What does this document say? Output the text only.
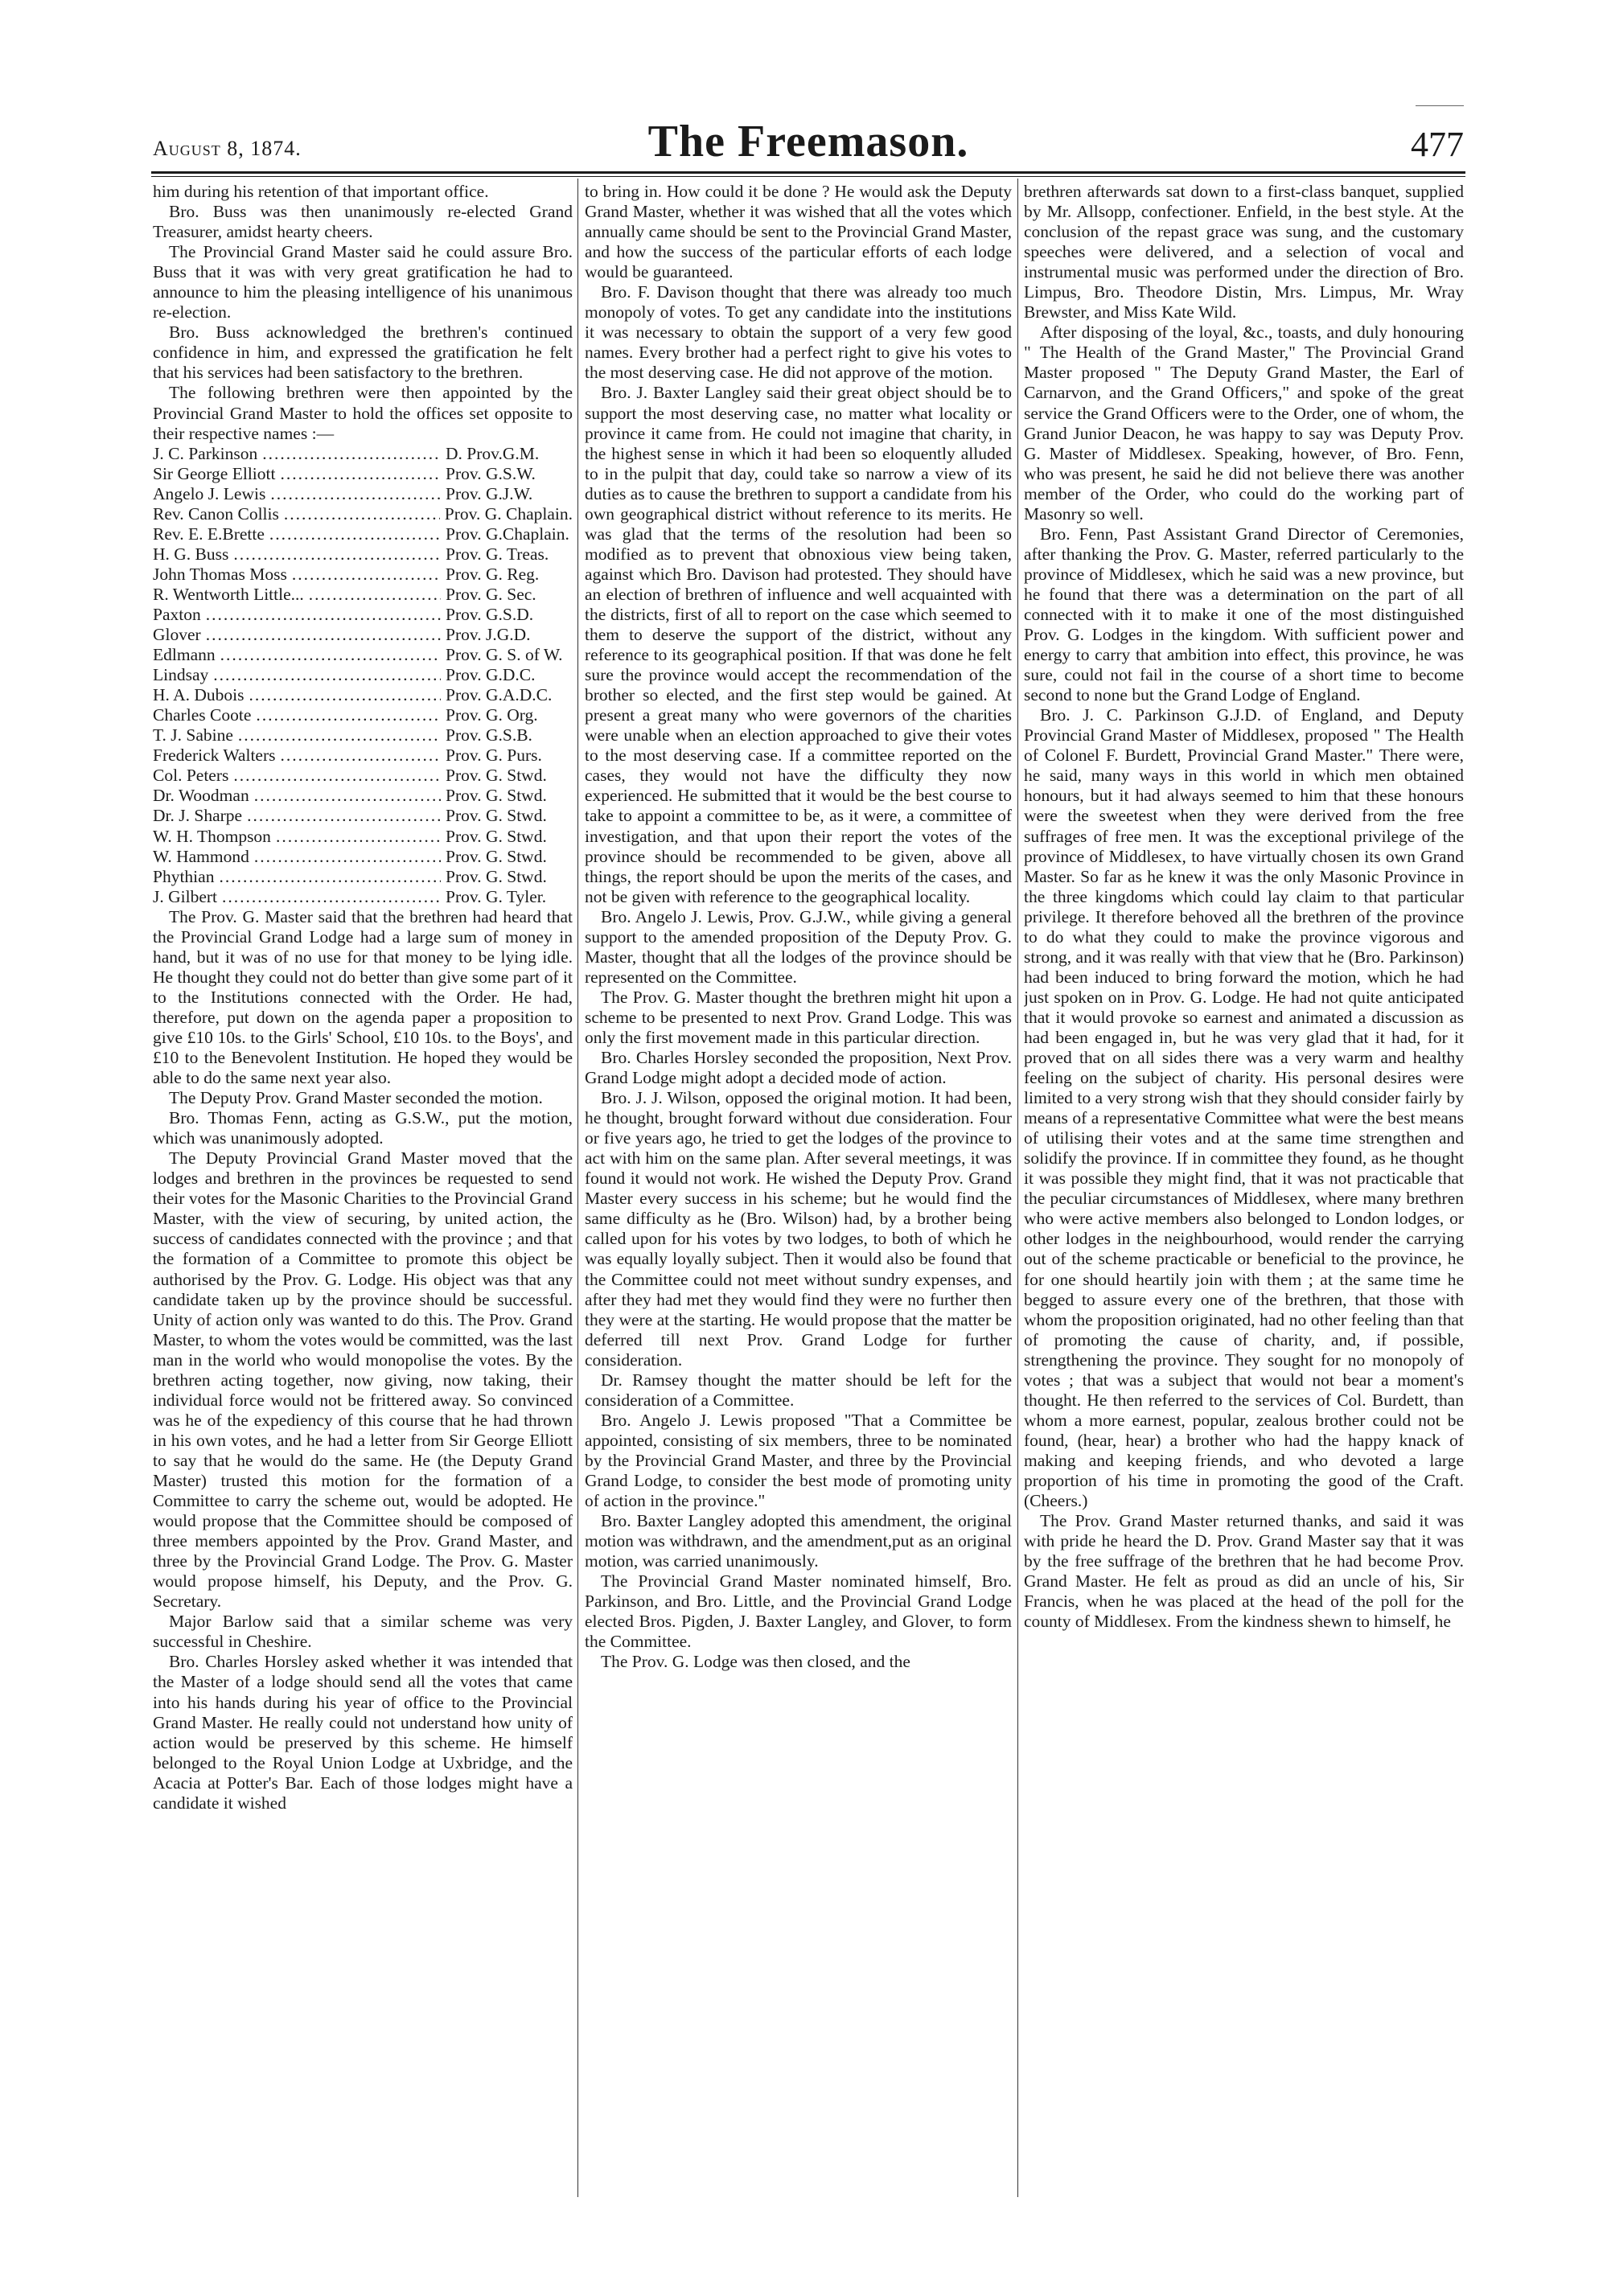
August 8, 1874.	The Freemason.	477

him during his retention of that important office.

Bro. Buss was then unanimously re-elected Grand Treasurer, amidst hearty cheers.

The Provincial Grand Master said he could assure Bro. Buss that it was with very great gratification he had to announce to him the pleasing intelligence of his unanimous re-election.

Bro. Buss acknowledged the brethren's continued confidence in him, and expressed the gratification he felt that his services had been satisfactory to the brethren.

The following brethren were then appointed by the Provincial Grand Master to hold the offices set opposite to their respective names :—

J. C. Parkinson .....	D. Prov.G.M.
Sir George Elliott .....	Prov. G.S.W.
Angelo J. Lewis .....	Prov. G.J.W.
Rev. Canon Collis .....	Prov. G. Chaplain.
Rev. E. E.Brette .....	Prov. G.Chaplain.
H. G. Buss .....	Prov. G. Treas.
John Thomas Moss .....	Prov. G. Reg.
R. Wentworth Little... .....	Prov. G. Sec.
Paxton .....	Prov. G.S.D.
Glover .....	Prov. J.G.D.
Edlmann .....	Prov. G. S. of W.
Lindsay .....	Prov. G.D.C.
H. A. Dubois .....	Prov. G.A.D.C.
Charles Coote .....	Prov. G. Org.
T. J. Sabine .....	Prov. G.S.B.
Frederick Walters .....	Prov. G. Purs.
Col. Peters .....	Prov. G. Stwd.
Dr. Woodman .....	Prov. G. Stwd.
Dr. J. Sharpe .....	Prov. G. Stwd.
W. H. Thompson .....	Prov. G. Stwd.
W. Hammond .....	Prov. G. Stwd.
Phythian .....	Prov. G. Stwd.
J. Gilbert .....	Prov. G. Tyler.

The Prov. G. Master said that the brethren had heard that the Provincial Grand Lodge had a large sum of money in hand, but it was of no use for that money to be lying idle. He thought they could not do better than give some part of it to the Institutions connected with the Order. He had, therefore, put down on the agenda paper a proposition to give £10 10s. to the Girls' School, £10 10s. to the Boys', and £10 to the Benevolent Institution. He hoped they would be able to do the same next year also.

The Deputy Prov. Grand Master seconded the motion.

Bro. Thomas Fenn, acting as G.S.W., put the motion, which was unanimously adopted.

The Deputy Provincial Grand Master moved that the lodges and brethren in the provinces be requested to send their votes for the Masonic Charities to the Provincial Grand Master, with the view of securing, by united action, the success of candidates connected with the province ; and that the formation of a Committee to promote this object be authorised by the Prov. G. Lodge. His object was that any candidate taken up by the province should be successful. Unity of action only was wanted to do this. The Prov. Grand Master, to whom the votes would be committed, was the last man in the world who would monopolise the votes. By the brethren acting together, now giving, now taking, their individual force would not be frittered away. So convinced was he of the expediency of this course that he had thrown in his own votes, and he had a letter from Sir George Elliott to say that he would do the same. He (the Deputy Grand Master) trusted this motion for the formation of a Committee to carry the scheme out, would be adopted. He would propose that the Committee should be composed of three members appointed by the Prov. Grand Master, and three by the Provincial Grand Lodge. The Prov. G. Master would propose himself, his Deputy, and the Prov. G. Secretary.

Major Barlow said that a similar scheme was very successful in Cheshire.

Bro. Charles Horsley asked whether it was intended that the Master of a lodge should send all the votes that came into his hands during his year of office to the Provincial Grand Master. He really could not understand how unity of action would be preserved by this scheme. He himself belonged to the Royal Union Lodge at Uxbridge, and the Acacia at Potter's Bar. Each of those lodges might have a candidate it wished

to bring in. How could it be done ? He would ask the Deputy Grand Master, whether it was wished that all the votes which annually came should be sent to the Provincial Grand Master, and how the success of the particular efforts of each lodge would be guaranteed.

Bro. F. Davison thought that there was already too much monopoly of votes. To get any candidate into the institutions it was necessary to obtain the support of a very few good names. Every brother had a perfect right to give his votes to the most deserving case. He did not approve of the motion.

Bro. J. Baxter Langley said their great object should be to support the most deserving case, no matter what locality or province it came from. He could not imagine that charity, in the highest sense in which it had been so eloquently alluded to in the pulpit that day, could take so narrow a view of its duties as to cause the brethren to support a candidate from his own geographical district without reference to its merits. He was glad that the terms of the resolution had been so modified as to prevent that obnoxious view being taken, against which Bro. Davison had protested. They should have an election of brethren of influence and well acquainted with the districts, first of all to report on the case which seemed to them to deserve the support of the district, without any reference to its geographical position. If that was done he felt sure the province would accept the recommendation of the brother so elected, and the first step would be gained. At present a great many who were governors of the charities were unable when an election approached to give their votes to the most deserving case. If a committee reported on the cases, they would not have the difficulty they now experienced. He submitted that it would be the best course to take to appoint a committee to be, as it were, a committee of investigation, and that upon their report the votes of the province should be recommended to be given, above all things, the report should be upon the merits of the cases, and not be given with reference to the geographical locality.

Bro. Angelo J. Lewis, Prov. G.J.W., while giving a general support to the amended proposition of the Deputy Prov. G. Master, thought that all the lodges of the province should be represented on the Committee.

The Prov. G. Master thought the brethren might hit upon a scheme to be presented to next Prov. Grand Lodge. This was only the first movement made in this particular direction.

Bro. Charles Horsley seconded the proposition, Next Prov. Grand Lodge might adopt a decided mode of action.

Bro. J. J. Wilson, opposed the original motion. It had been, he thought, brought forward without due consideration. Four or five years ago, he tried to get the lodges of the province to act with him on the same plan. After several meetings, it was found it would not work. He wished the Deputy Prov. Grand Master every success in his scheme; but he would find the same difficulty as he (Bro. Wilson) had, by a brother being called upon for his votes by two lodges, to both of which he was equally loyally subject. Then it would also be found that the Committee could not meet without sundry expenses, and after they had met they would find they were no further then they were at the starting. He would propose that the matter be deferred till next Prov. Grand Lodge for further consideration.

Dr. Ramsey thought the matter should be left for the consideration of a Committee.

Bro. Angelo J. Lewis proposed "That a Committee be appointed, consisting of six members, three to be nominated by the Provincial Grand Master, and three by the Provincial Grand Lodge, to consider the best mode of promoting unity of action in the province."

Bro. Baxter Langley adopted this amendment, the original motion was withdrawn, and the amendment,put as an original motion, was carried unanimously.

The Provincial Grand Master nominated himself, Bro. Parkinson, and Bro. Little, and the Provincial Grand Lodge elected Bros. Pigden, J. Baxter Langley, and Glover, to form the Committee.

The Prov. G. Lodge was then closed, and the

brethren afterwards sat down to a first-class banquet, supplied by Mr. Allsopp, confectioner. Enfield, in the best style. At the conclusion of the repast grace was sung, and the customary speeches were delivered, and a selection of vocal and instrumental music was performed under the direction of Bro. Limpus, Bro. Theodore Distin, Mrs. Limpus, Mr. Wray Brewster, and Miss Kate Wild.

After disposing of the loyal, &c., toasts, and duly honouring " The Health of the Grand Master," The Provincial Grand Master proposed " The Deputy Grand Master, the Earl of Carnarvon, and the Grand Officers," and spoke of the great service the Grand Officers were to the Order, one of whom, the Grand Junior Deacon, he was happy to say was Deputy Prov. G. Master of Middlesex. Speaking, however, of Bro. Fenn, who was present, he said he did not believe there was another member of the Order, who could do the working part of Masonry so well.

Bro. Fenn, Past Assistant Grand Director of Ceremonies, after thanking the Prov. G. Master, referred particularly to the province of Middlesex, which he said was a new province, but he found that there was a determination on the part of all connected with it to make it one of the most distinguished Prov. G. Lodges in the kingdom. With sufficient power and energy to carry that ambition into effect, this province, he was sure, could not fail in the course of a short time to become second to none but the Grand Lodge of England.

Bro. J. C. Parkinson G.J.D. of England, and Deputy Provincial Grand Master of Middlesex, proposed " The Health of Colonel F. Burdett, Provincial Grand Master." There were, he said, many ways in this world in which men obtained honours, but it had always seemed to him that these honours were the sweetest when they were derived from the free suffrages of free men. It was the exceptional privilege of the province of Middlesex, to have virtually chosen its own Grand Master. So far as he knew it was the only Masonic Province in the three kingdoms which could lay claim to that particular privilege. It therefore behoved all the brethren of the province to do what they could to make the province vigorous and strong, and it was really with that view that he (Bro. Parkinson) had been induced to bring forward the motion, which he had just spoken on in Prov. G. Lodge. He had not quite anticipated that it would provoke so earnest and animated a discussion as had been engaged in, but he was very glad that it had, for it proved that on all sides there was a very warm and healthy feeling on the subject of charity. His personal desires were limited to a very strong wish that they should consider fairly by means of a representative Committee what were the best means of utilising their votes and at the same time strengthen and solidify the province. If in committee they found, as he thought it was possible they might find, that it was not practicable that the peculiar circumstances of Middlesex, where many brethren who were active members also belonged to London lodges, or other lodges in the neighbourhood, would render the carrying out of the scheme practicable or beneficial to the province, he for one should heartily join with them ; at the same time he begged to assure every one of the brethren, that those with whom the proposition originated, had no other feeling than that of promoting the cause of charity, and, if possible, strengthening the province. They sought for no monopoly of votes ; that was a subject that would not bear a moment's thought. He then referred to the services of Col. Burdett, than whom a more earnest, popular, zealous brother could not be found, (hear, hear) a brother who had the happy knack of making and keeping friends, and who devoted a large proportion of his time in promoting the good of the Craft. (Cheers.)

The Prov. Grand Master returned thanks, and said it was with pride he heard the D. Prov. Grand Master say that it was by the free suffrage of the brethren that he had become Prov. Grand Master. He felt as proud as did an uncle of his, Sir Francis, when he was placed at the head of the poll for the county of Middlesex. From the kindness shewn to himself, he
